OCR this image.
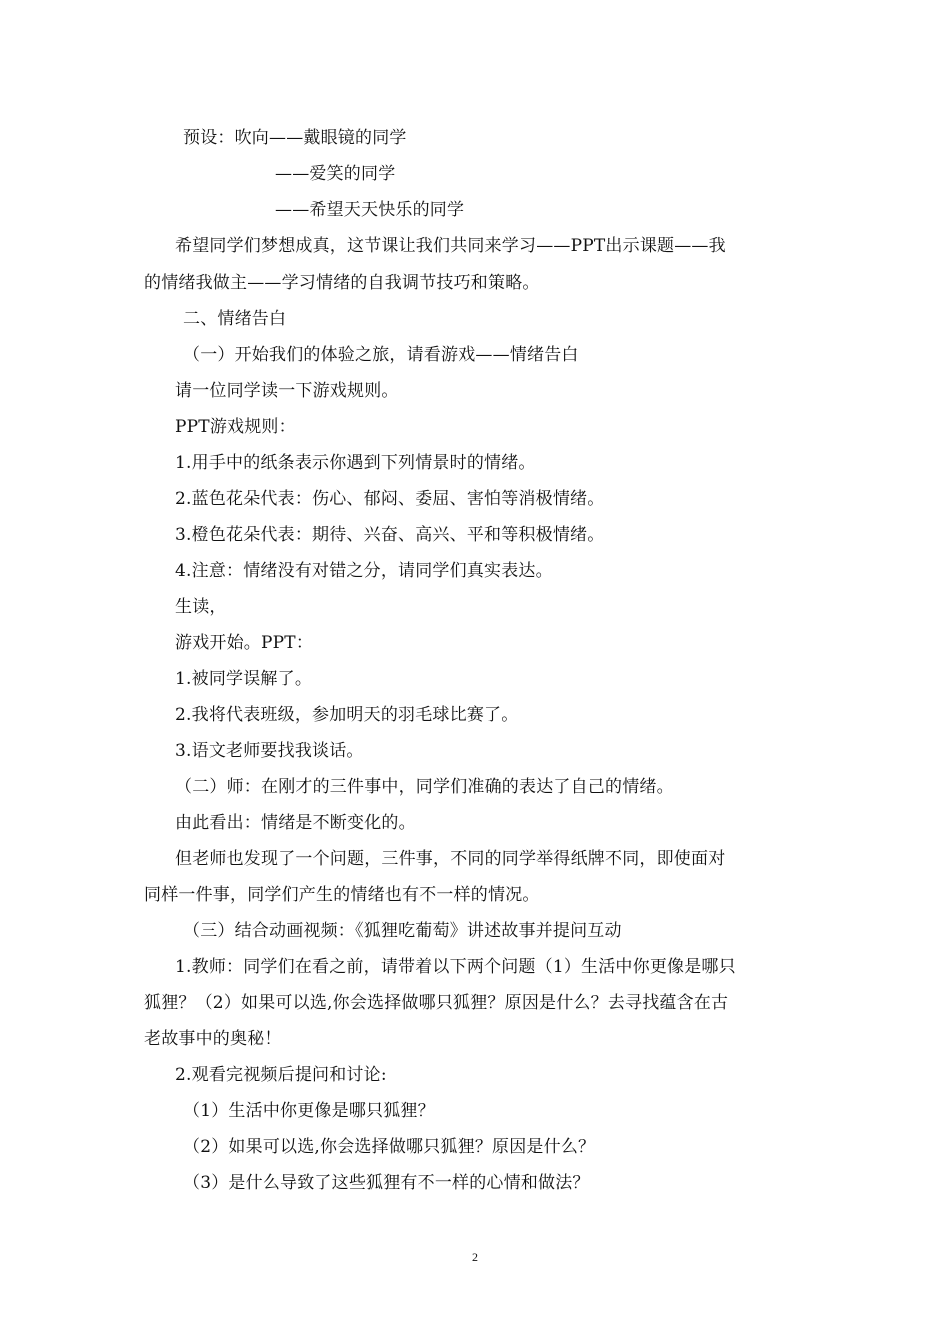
预设：吹向——戴眼镜的同学
——爱笑的同学
——希望天天快乐的同学
希望同学们梦想成真，这节课让我们共同来学习——PPT出示课题——我
的情绪我做主——学习情绪的自我调节技巧和策略。
二、情绪告白
（一）开始我们的体验之旅，请看游戏——情绪告白
请一位同学读一下游戏规则。
PPT游戏规则：
1.用手中的纸条表示你遇到下列情景时的情绪。
2.蓝色花朵代表：伤心、郁闷、委屈、害怕等消极情绪。
3.橙色花朵代表：期待、兴奋、高兴、平和等积极情绪。
4.注意：情绪没有对错之分，请同学们真实表达。
生读，
游戏开始。PPT：
1.被同学误解了。
2.我将代表班级，参加明天的羽毛球比赛了。
3.语文老师要找我谈话。
（二）师：在刚才的三件事中，同学们准确的表达了自己的情绪。
由此看出：情绪是不断变化的。
但老师也发现了一个问题，三件事，不同的同学举得纸牌不同，即使面对
同样一件事，同学们产生的情绪也有不一样的情况。
（三）结合动画视频：《狐狸吃葡萄》讲述故事并提问互动
1.教师：同学们在看之前，请带着以下两个问题（1）生活中你更像是哪只
狐狸？（2）如果可以选,你会选择做哪只狐狸？原因是什么？去寻找蕴含在古
老故事中的奥秘！
2.观看完视频后提问和讨论:
（1）生活中你更像是哪只狐狸？
（2）如果可以选,你会选择做哪只狐狸？原因是什么？
（3）是什么导致了这些狐狸有不一样的心情和做法？
2
